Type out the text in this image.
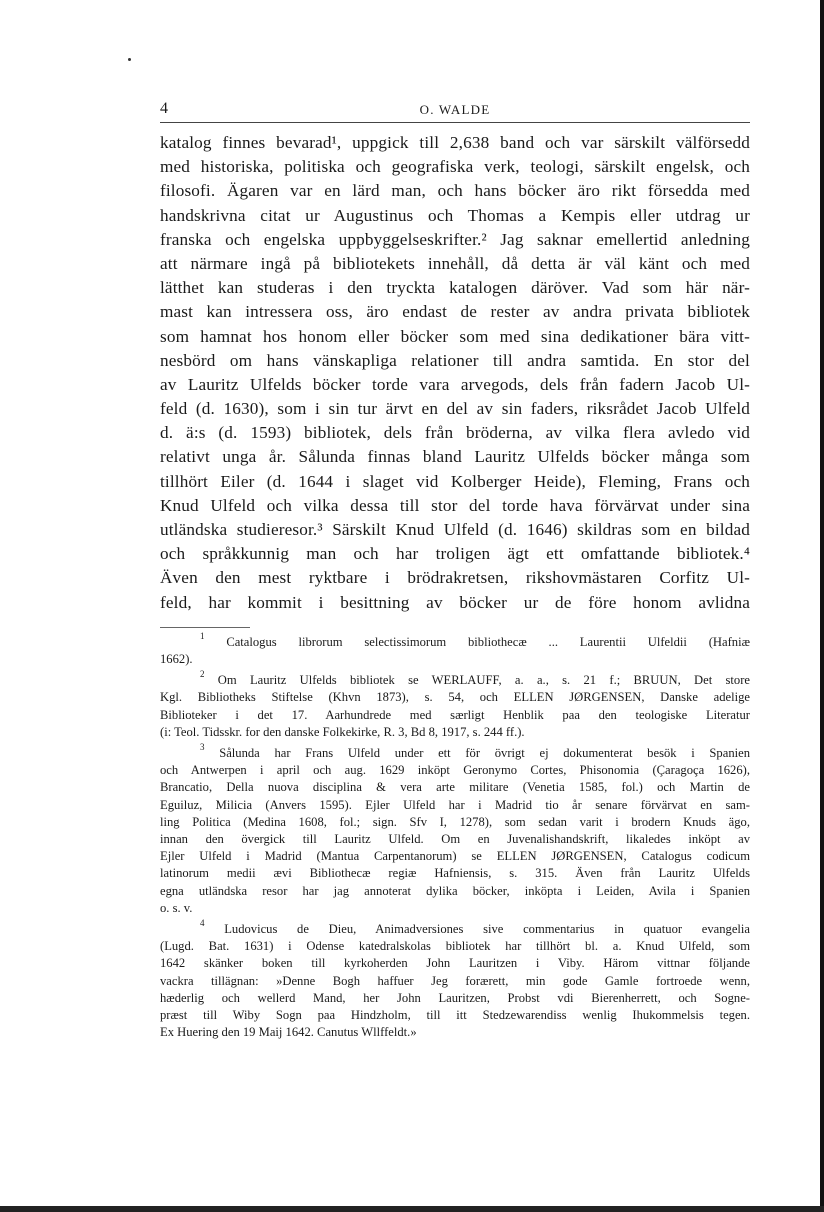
4	O. WALDE
katalog finnes bevarad¹, uppgick till 2,638 band och var särskilt välförsedd
med historiska, politiska och geografiska verk, teologi, särskilt engelsk, och
filosofi. Ägaren var en lärd man, och hans böcker äro rikt försedda med
handskrivna citat ur Augustinus och Thomas a Kempis eller utdrag ur
franska och engelska uppbyggelseskrifter.² Jag saknar emellertid anledning
att närmare ingå på bibliotekets innehåll, då detta är väl känt och med
lätthet kan studeras i den tryckta katalogen däröver. Vad som här när-
mast kan intressera oss, äro endast de rester av andra privata bibliotek
som hamnat hos honom eller böcker som med sina dedikationer bära vitt-
nesbörd om hans vänskapliga relationer till andra samtida. En stor del
av Lauritz Ulfelds böcker torde vara arvegods, dels från fadern Jacob Ul-
feld (d. 1630), som i sin tur ärvt en del av sin faders, riksrådet Jacob Ulfeld
d. ä:s (d. 1593) bibliotek, dels från bröderna, av vilka flera avledo vid
relativt unga år. Sålunda finnas bland Lauritz Ulfelds böcker många som
tillhört Eiler (d. 1644 i slaget vid Kolberger Heide), Fleming, Frans och
Knud Ulfeld och vilka dessa till stor del torde hava förvärvat under sina
utländska studieresor.³ Särskilt Knud Ulfeld (d. 1646) skildras som en bildad
och språkkunnig man och har troligen ägt ett omfattande bibliotek.⁴
Även den mest ryktbare i brödrakretsen, rikshovmästaren Corfitz Ul-
feld, har kommit i besittning av böcker ur de före honom avlidna
$^1$ Catalogus librorum selectissimorum bibliothecæ ... Laurentii Ulfeldii (Hafniæ
1662).
$^2$ Om Lauritz Ulfelds bibliotek se WERLAUFF, a. a., s. 21 f.; BRUUN, Det store
Kgl. Bibliotheks Stiftelse (Khvn 1873), s. 54, och ELLEN JØRGENSEN, Danske adelige
Biblioteker i det 17. Aarhundrede med særligt Henblik paa den teologiske Literatur
(i: Teol. Tidsskr. for den danske Folkekirke, R. 3, Bd 8, 1917, s. 244 ff.).
$^3$ Sålunda har Frans Ulfeld under ett för övrigt ej dokumenterat besök i Spanien
och Antwerpen i april och aug. 1629 inköpt Geronymo Cortes, Phisonomia (Çaragoça 1626),
Brancatio, Della nuova disciplina & vera arte militare (Venetia 1585, fol.) och Martin de
Eguiluz, Milicia (Anvers 1595). Ejler Ulfeld har i Madrid tio år senare förvärvat en sam-
ling Politica (Medina 1608, fol.; sign. Sfv I, 1278), som sedan varit i brodern Knuds ägo,
innan den övergick till Lauritz Ulfeld. Om en Juvenalishandskrift, likaledes inköpt av
Ejler Ulfeld i Madrid (Mantua Carpentanorum) se ELLEN JØRGENSEN, Catalogus codicum
latinorum medii ævi Bibliothecæ regiæ Hafniensis, s. 315. Även från Lauritz Ulfelds
egna utländska resor har jag annoterat dylika böcker, inköpta i Leiden, Avila i Spanien
o. s. v.
$^4$ Ludovicus de Dieu, Animadversiones sive commentarius in quatuor evangelia
(Lugd. Bat. 1631) i Odense katedralskolas bibliotek har tillhört bl. a. Knud Ulfeld, som
1642 skänker boken till kyrkoherden John Lauritzen i Viby. Härom vittnar följande
vackra tillägnan: »Denne Bogh haffuer Jeg forærett, min gode Gamle fortroede wenn,
hæderlig och wellerd Mand, her John Lauritzen, Probst vdi Bierenherrett, och Sogne-
præst till Wiby Sogn paa Hindzholm, till itt Stedzewarendiss wenlig Ihukommelsis tegen.
Ex Huering den 19 Maij 1642. Canutus Wllffeldt.»
